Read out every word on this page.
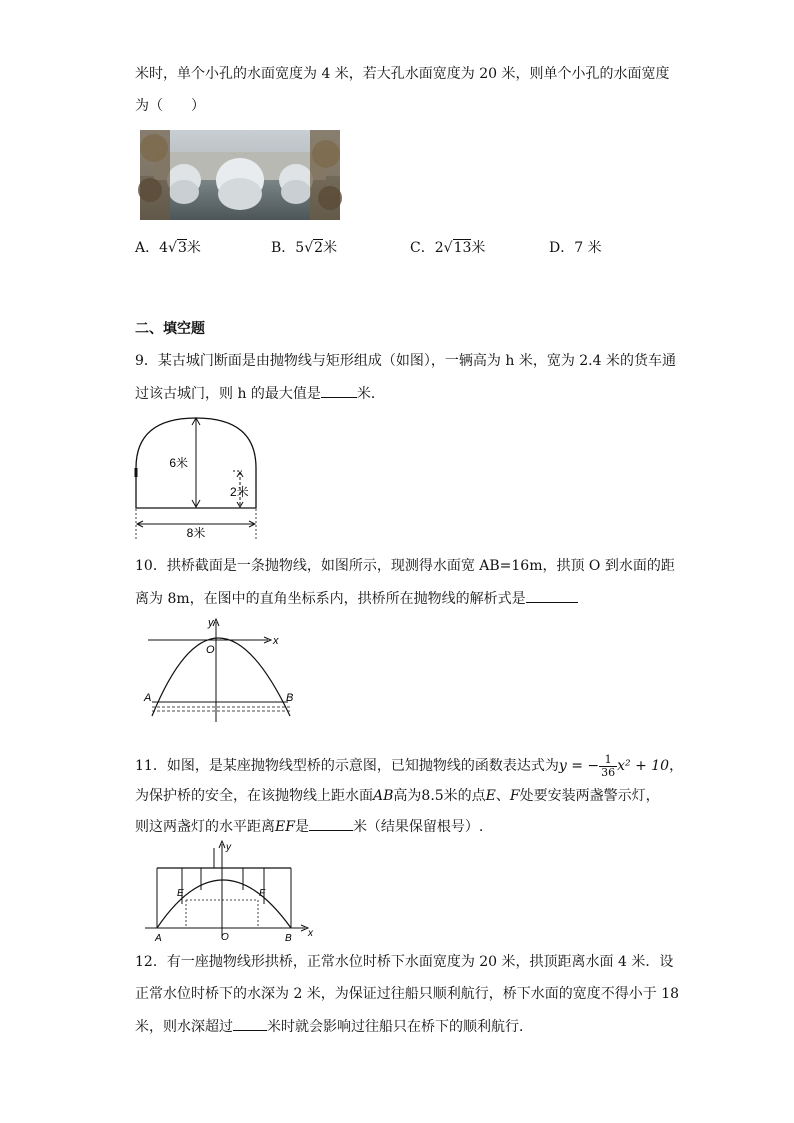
米时，单个小孔的水面宽度为 4 米，若大孔水面宽度为 20 米，则单个小孔的水面宽度
为（　　）
A．4√3米	B．5√2米	C．2√13米	D．7 米
二、填空题
9．某古城门断面是由抛物线与矩形组成（如图），一辆高为 h 米，宽为 2.4 米的货车通
过该古城门，则 h 的最大值是	米．
6米
2米
8米
10．拱桥截面是一条抛物线，如图所示，现测得水面宽 AB=16m，拱顶 O 到水面的距
离为 8m，在图中的直角坐标系内，拱桥所在抛物线的解析式是
y
x
O
A	B
11．如图，是某座抛物线型桥的示意图，已知抛物线的函数表达式为y = − $\frac{1}{36} x^2 + 10$，
为保护桥的安全，在该抛物线上距水面AB高为8.5米的点E、F处要安装两盏警示灯，
则这两盏灯的水平距离EF是	米（结果保留根号）.
x
y
E	F
A	O	B
12．有一座抛物线形拱桥，正常水位时桥下水面宽度为 20 米，拱顶距离水面 4 米．设
正常水位时桥下的水深为 2 米，为保证过往船只顺利航行，桥下水面的宽度不得小于 18
米，则水深超过 米时就会影响过往船只在桥下的顺利航行．
